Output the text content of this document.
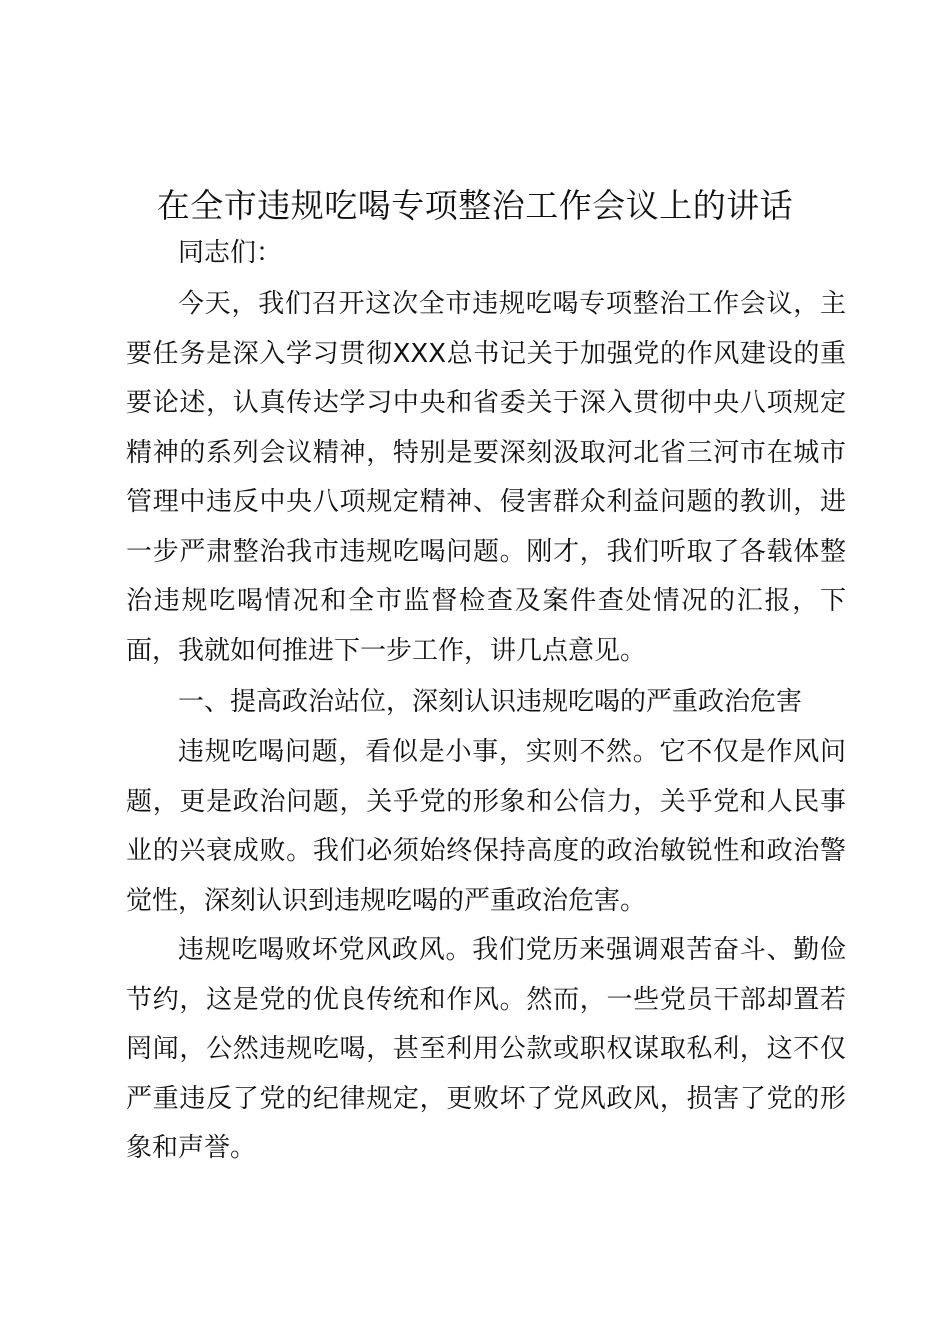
在全市违规吃喝专项整治工作会议上的讲话
同志们：

今天，我们召开这次全市违规吃喝专项整治工作会议，主要任务是深入学习贯彻XXX总书记关于加强党的作风建设的重要论述，认真传达学习中央和省委关于深入贯彻中央八项规定精神的系列会议精神，特别是要深刻汲取河北省三河市在城市管理中违反中央八项规定精神、侵害群众利益问题的教训，进一步严肃整治我市违规吃喝问题。刚才，我们听取了各载体整治违规吃喝情况和全市监督检查及案件查处情况的汇报，下面，我就如何推进下一步工作，讲几点意见。

一、提高政治站位，深刻认识违规吃喝的严重政治危害

违规吃喝问题，看似是小事，实则不然。它不仅是作风问题，更是政治问题，关乎党的形象和公信力，关乎党和人民事业的兴衰成败。我们必须始终保持高度的政治敏锐性和政治警觉性，深刻认识到违规吃喝的严重政治危害。

违规吃喝败坏党风政风。我们党历来强调艰苦奋斗、勤俭节约，这是党的优良传统和作风。然而，一些党员干部却置若罔闻，公然违规吃喝，甚至利用公款或职权谋取私利，这不仅严重违反了党的纪律规定，更败坏了党风政风，损害了党的形象和声誉。
